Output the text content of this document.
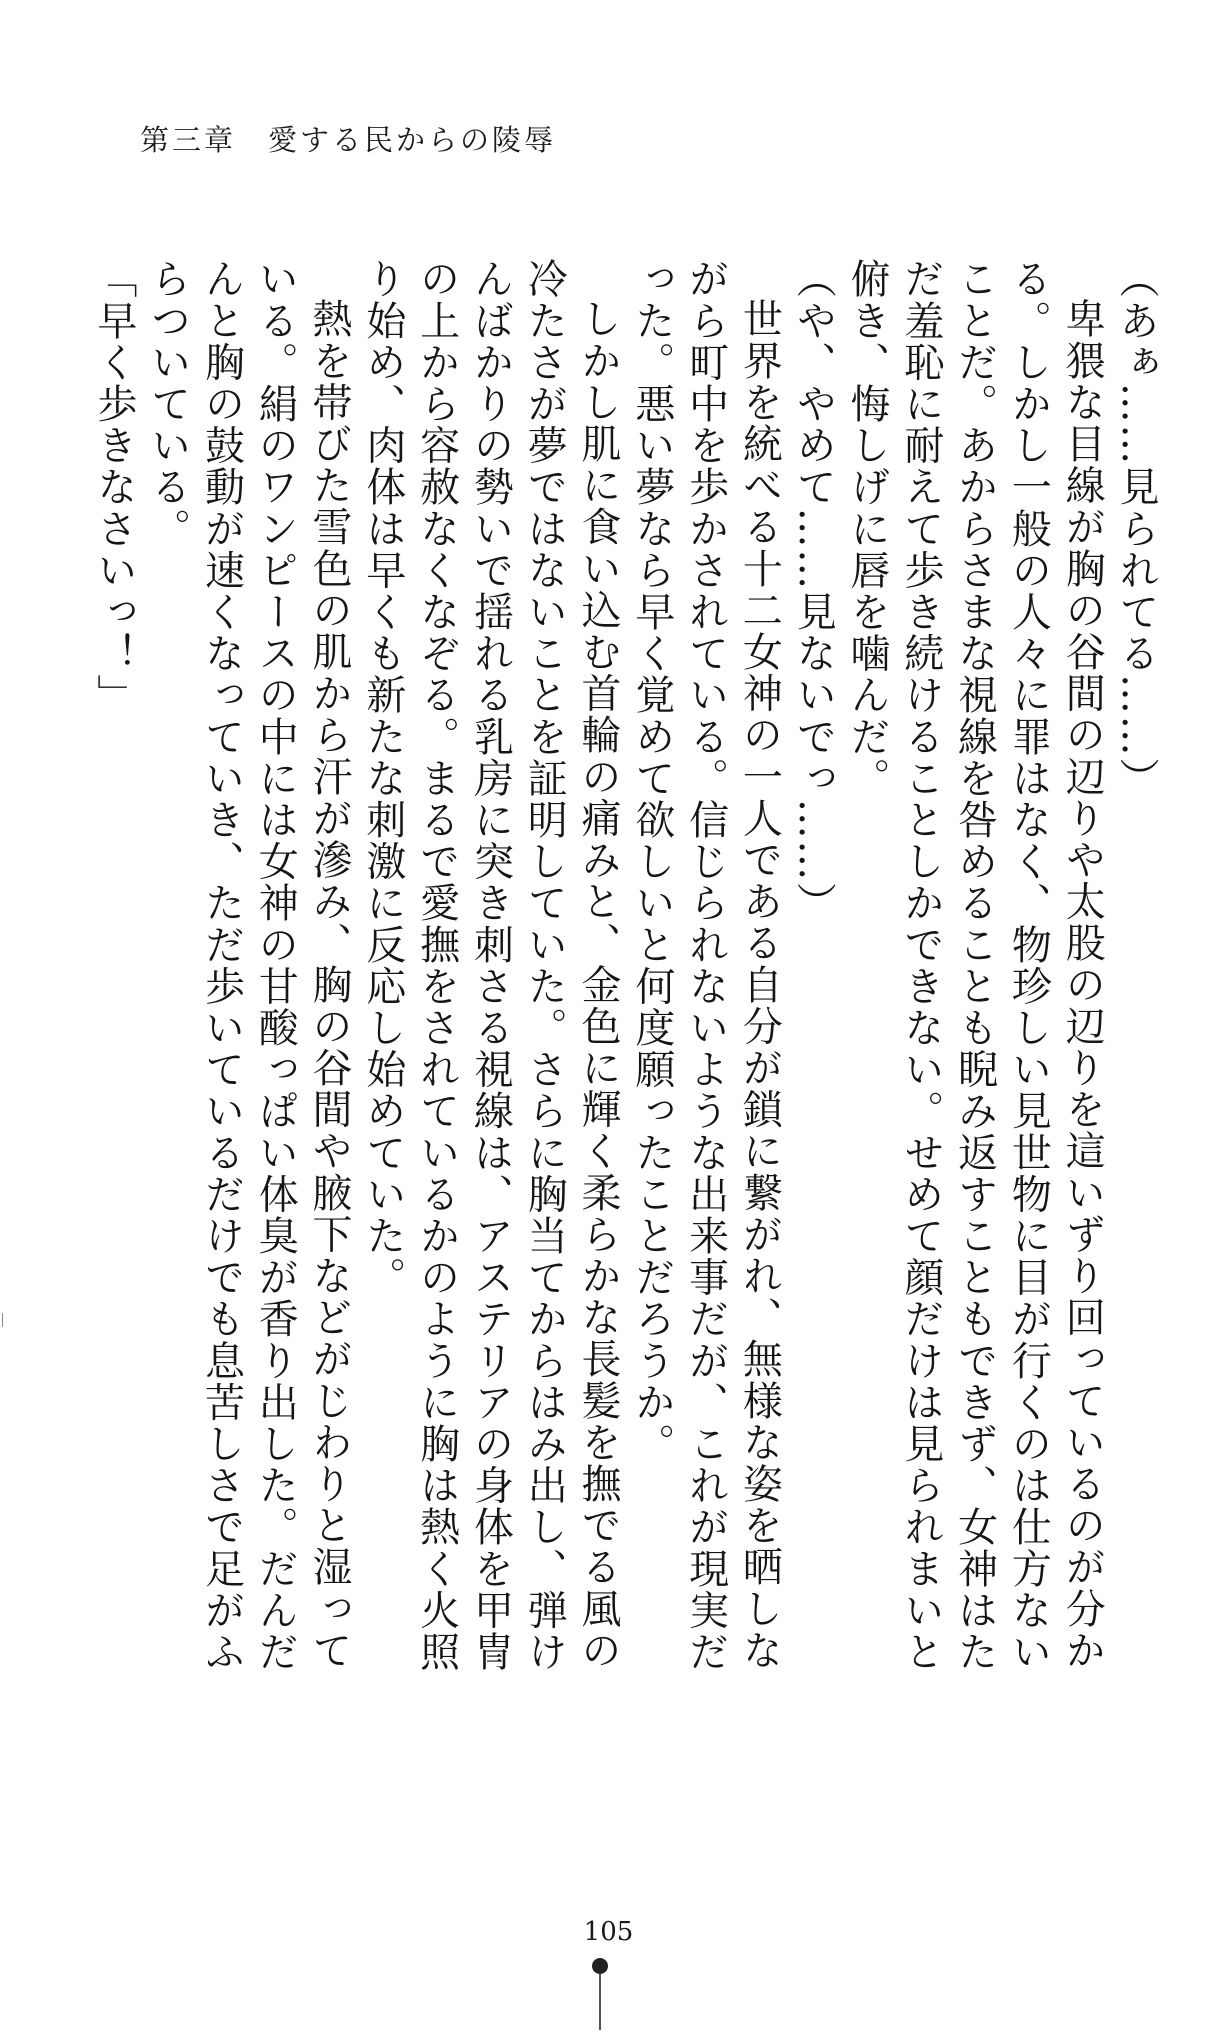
第三章　愛する民からの陵辱

（あぁ……見られてる……）

卑猥な目線が胸の谷間の辺りや太股の辺りを這いずり回っているのが分かる。しかし一般の人々に罪はなく、物珍しい見世物に目が行くのは仕方ないことだ。あからさまな視線を咎めることも睨み返すこともできず、女神はただ羞恥に耐えて歩き続けることしかできない。せめて顔だけは見られまいと俯き、悔しげに唇を噛んだ。

（や、やめて……見ないでっ……）

世界を統べる十二女神の一人である自分が鎖に繋がれ、無様な姿を晒しながら町中を歩かされている。信じられないような出来事だが、これが現実だった。悪い夢なら早く覚めて欲しいと何度願ったことだろうか。

しかし肌に食い込む首輪の痛みと、金色に輝く柔らかな長髪を撫でる風の冷たさが夢ではないことを証明していた。さらに胸当てからはみ出し、弾けんばかりの勢いで揺れる乳房に突き刺さる視線は、アステリアの身体を甲冑の上から容赦なくなぞる。まるで愛撫をされているかのように胸は熱く火照り始め、肉体は早くも新たな刺激に反応し始めていた。

熱を帯びた雪色の肌から汗が滲み、胸の谷間や腋下などがじわりと湿っている。絹のワンピースの中には女神の甘酸っぱい体臭が香り出した。だんだんと胸の鼓動が速くなっていき、ただ歩いているだけでも息苦しさで足がふらついている。

「早く歩きなさいっ！」

105
